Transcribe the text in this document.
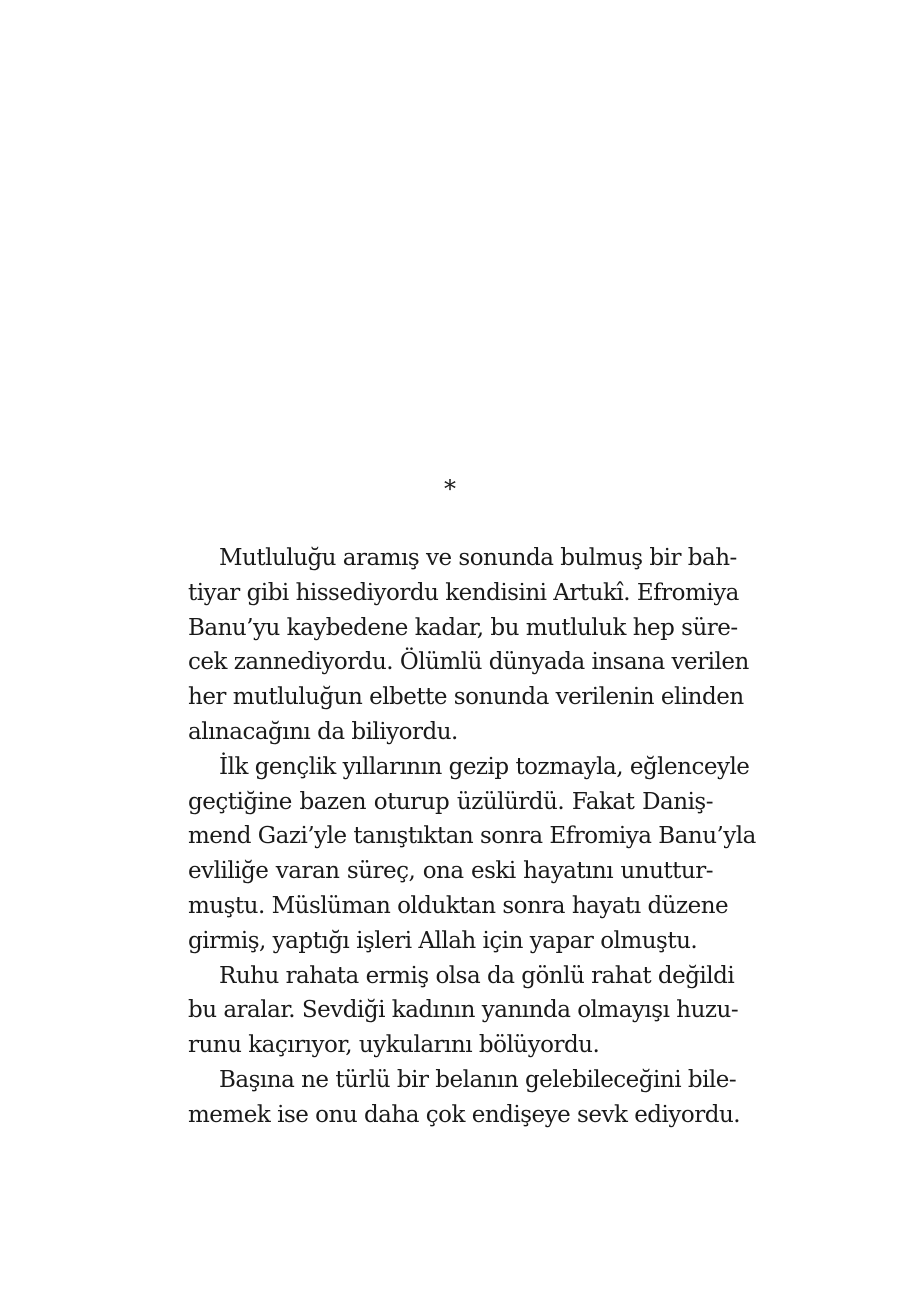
*
Mutluluğu aramış ve sonunda bulmuş bir bah-
tiyar gibi hissediyordu kendisini Artukî. Efromiya
Banu’yu kaybedene kadar, bu mutluluk hep süre-
cek zannediyordu. Ölümlü dünyada insana verilen
her mutluluğun elbette sonunda verilenin elinden
alınacağını da biliyordu.
İlk gençlik yıllarının gezip tozmayla, eğlenceyle
geçtiğine bazen oturup üzülürdü. Fakat Daniş-
mend Gazi’yle tanıştıktan sonra Efromiya Banu’yla
evliliğe varan süreç, ona eski hayatını unuttur-
muştu. Müslüman olduktan sonra hayatı düzene
girmiş, yaptığı işleri Allah için yapar olmuştu.
Ruhu rahata ermiş olsa da gönlü rahat değildi
bu aralar. Sevdiği kadının yanında olmayışı huzu-
runu kaçırıyor, uykularını bölüyordu.
Başına ne türlü bir belanın gelebileceğini bile-
memek ise onu daha çok endişeye sevk ediyordu.
